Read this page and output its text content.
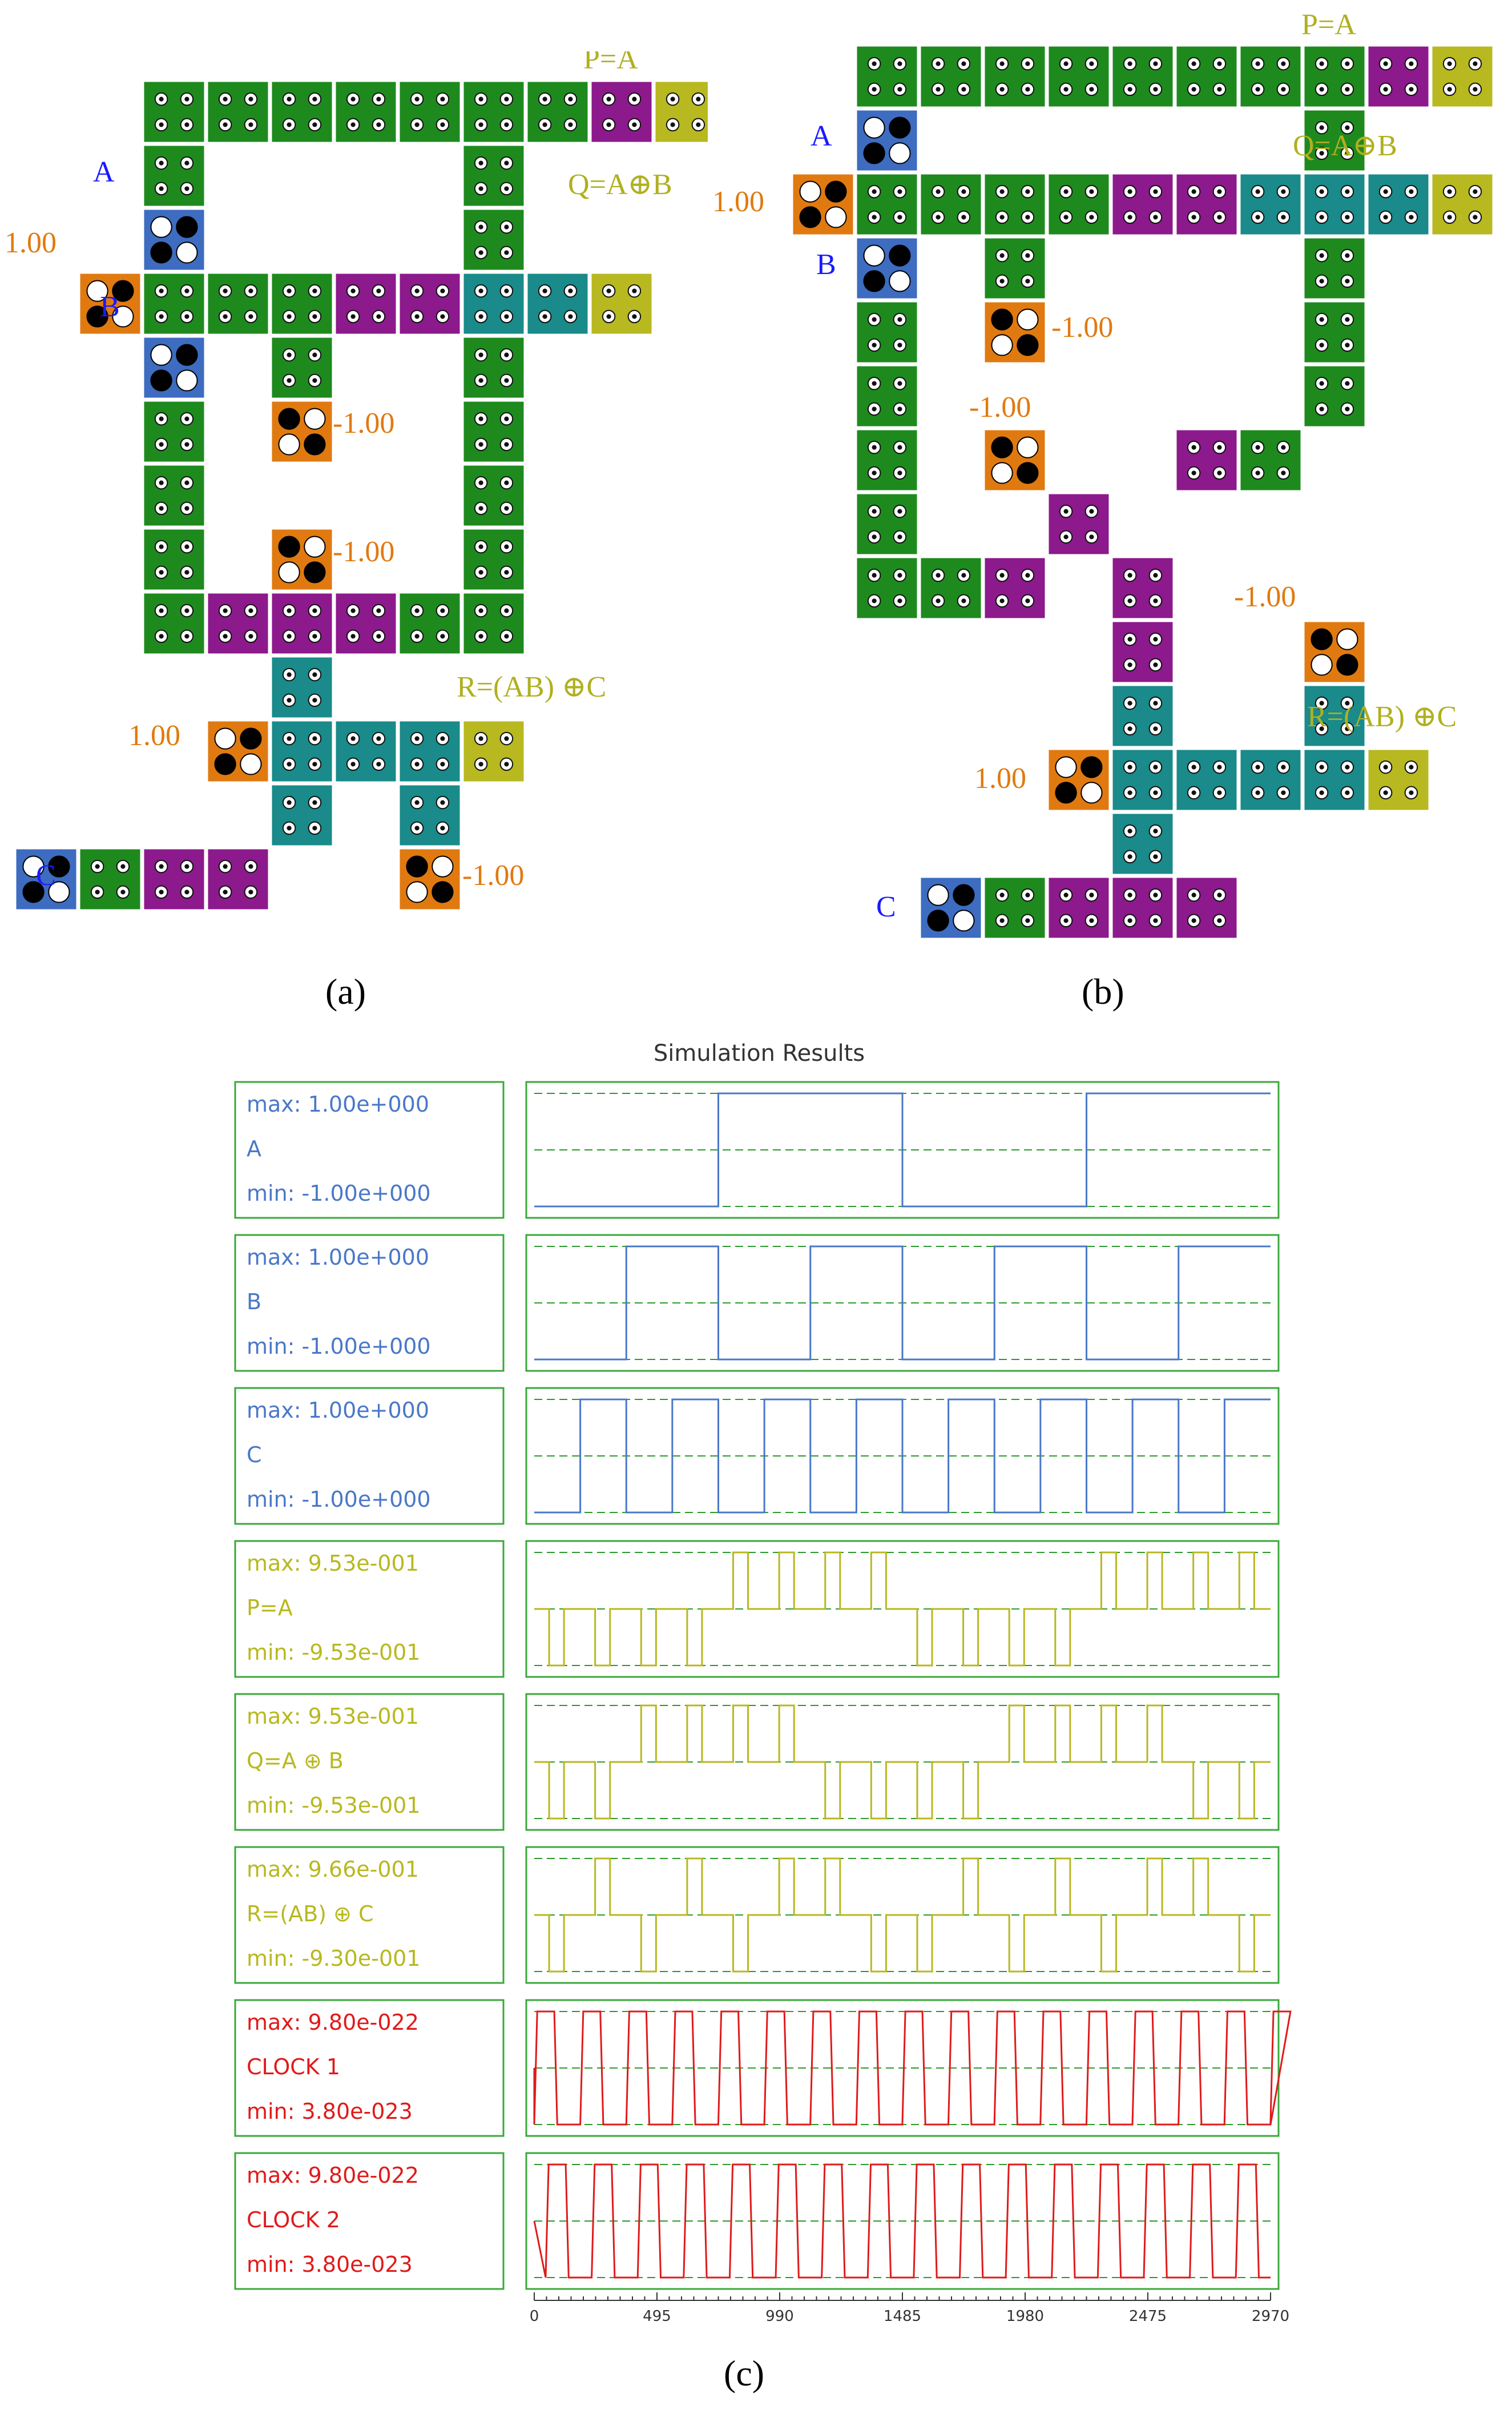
P=A
Q=A⊕B
R=(AB) ⊕C
A
B
C
1.00
-1.00
-1.00
1.00
-1.00
P=A
Q=A⊕B
R=(AB) ⊕C
A
B
C
1.00
-1.00
-1.00
-1.00
1.00
(a)	(b)
Simulation Results
max: 1.00e+000
A
min: -1.00e+000
max: 1.00e+000
B
min: -1.00e+000
max: 1.00e+000
C
min: -1.00e+000
max: 9.53e-001
P=A
min: -9.53e-001
max: 9.53e-001
Q=A ⊕ B
min: -9.53e-001
max: 9.66e-001
R=(AB) ⊕ C
min: -9.30e-001
max: 9.80e-022
CLOCK 1
min: 3.80e-023
max: 9.80e-022
CLOCK 2
min: 3.80e-023
0	495	990	1485	1980	2475	2970
(c)
